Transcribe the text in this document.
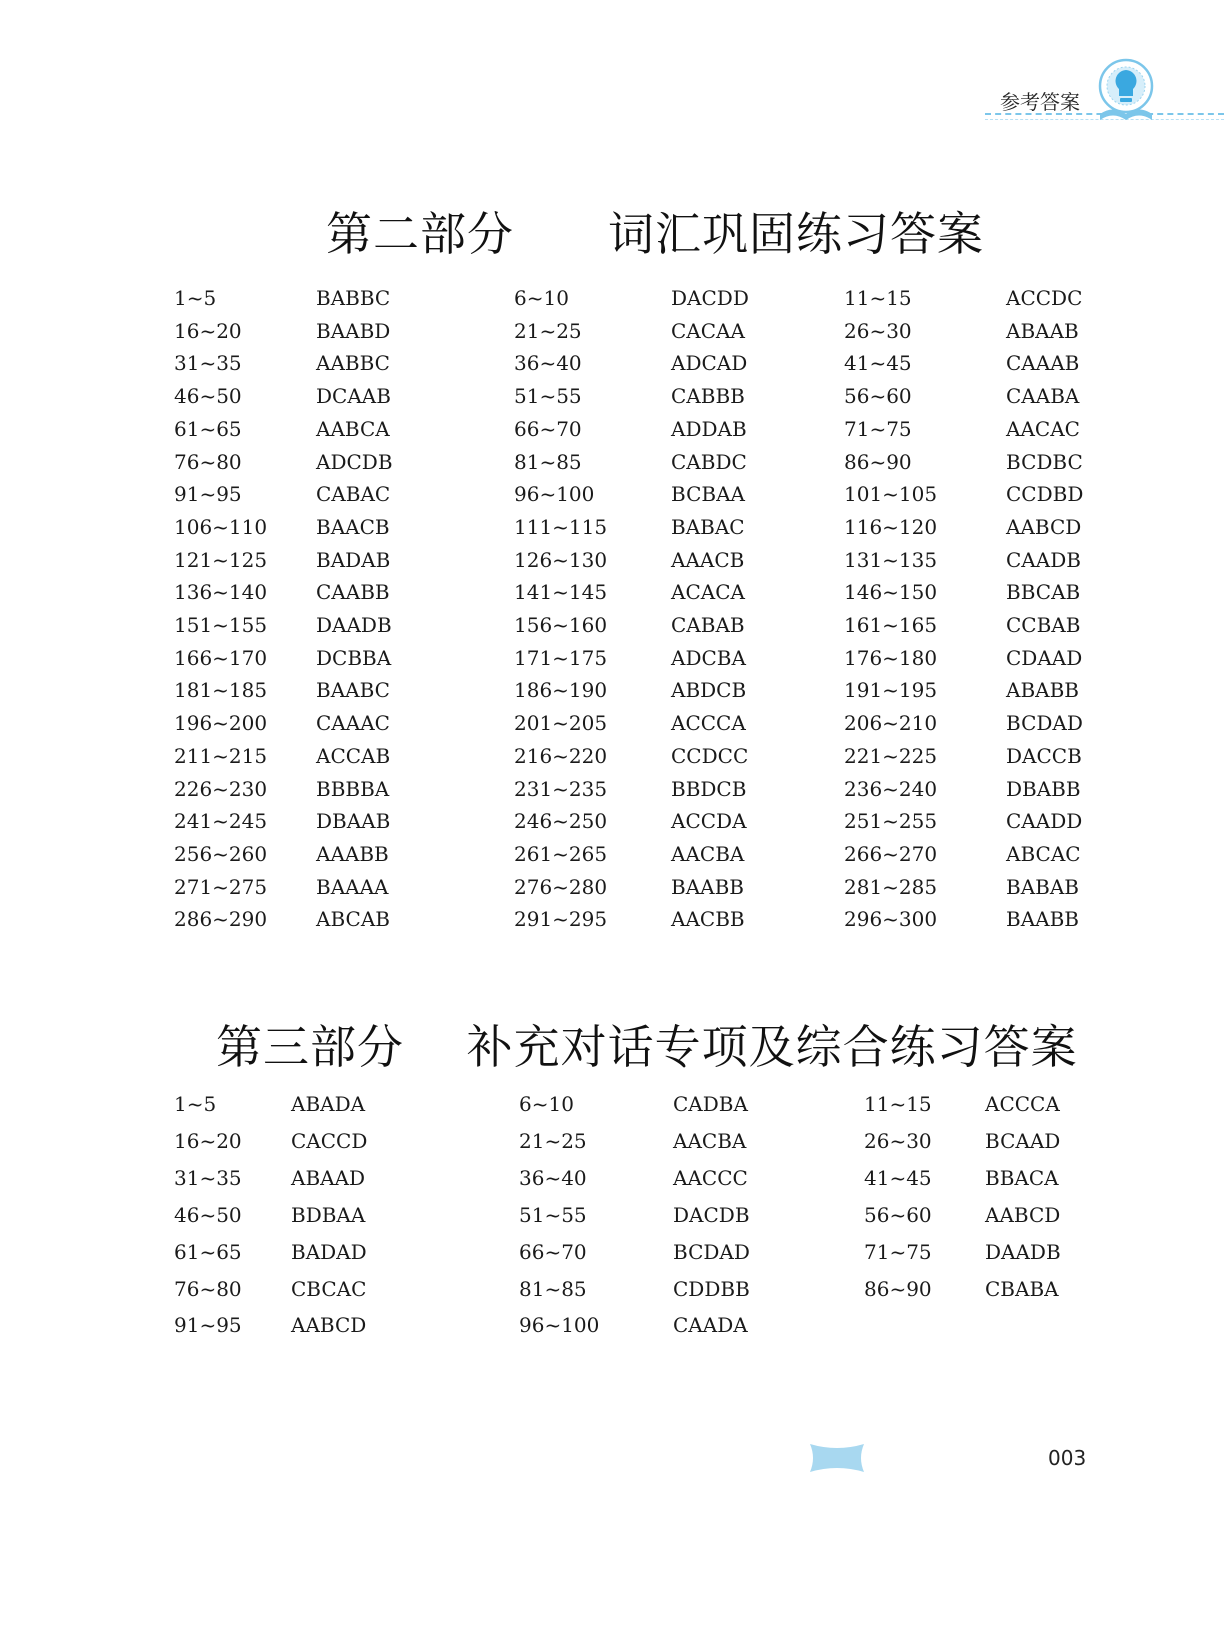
参考答案
第二部分　　词汇巩固练习答案
1~5	BABBC	6~10	DACDD	11~15	ACCDC
16~20	BAABD	21~25	CACAA	26~30	ABAAB
31~35	AABBC	36~40	ADCAD	41~45	CAAAB
46~50	DCAAB	51~55	CABBB	56~60	CAABA
61~65	AABCA	66~70	ADDAB	71~75	AACAC
76~80	ADCDB	81~85	CABDC	86~90	BCDBC
91~95	CABAC	96~100	BCBAA	101~105	CCDBD
106~110 BAACB	111~115	BABAC	116~120	AABCD
121~125 BADAB	126~130	AAACB	131~135	CAADB
136~140 CAABB	141~145	ACACA	146~150	BBCAB
151~155 DAADB	156~160	CABAB	161~165	CCBAB
166~170 DCBBA	171~175	ADCBA	176~180	CDAAD
181~185 BAABC	186~190	ABDCB	191~195	ABABB
196~200 CAAAC	201~205	ACCCA	206~210	BCDAD
211~215 ACCAB	216~220	CCDCC	221~225	DACCB
226~230 BBBBA	231~235	BBDCB	236~240	DBABB
241~245 DBAAB	246~250	ACCDA	251~255	CAADD
256~260 AAABB	261~265	AACBA	266~270	ABCAC
271~275 BAAAA	276~280	BAABB	281~285	BABAB
286~290 ABCAB	291~295	AACBB	296~300	BAABB
第三部分　 补充对话专项及综合练习答案
1~5	ABADA	6~10	CADBA	11~15	ACCCA
16~20 CACCD	21~25	AACBA	26~30	BCAAD
31~35 ABAAD	36~40	AACCC	41~45	BBACA
46~50 BDBAA	51~55	DACDB	56~60	AABCD
61~65 BADAD	66~70	BCDAD	71~75	DAADB
76~80 CBCAC	81~85	CDDBB	86~90	CBABA
91~95 AABCD	96~100	CAADA
003
